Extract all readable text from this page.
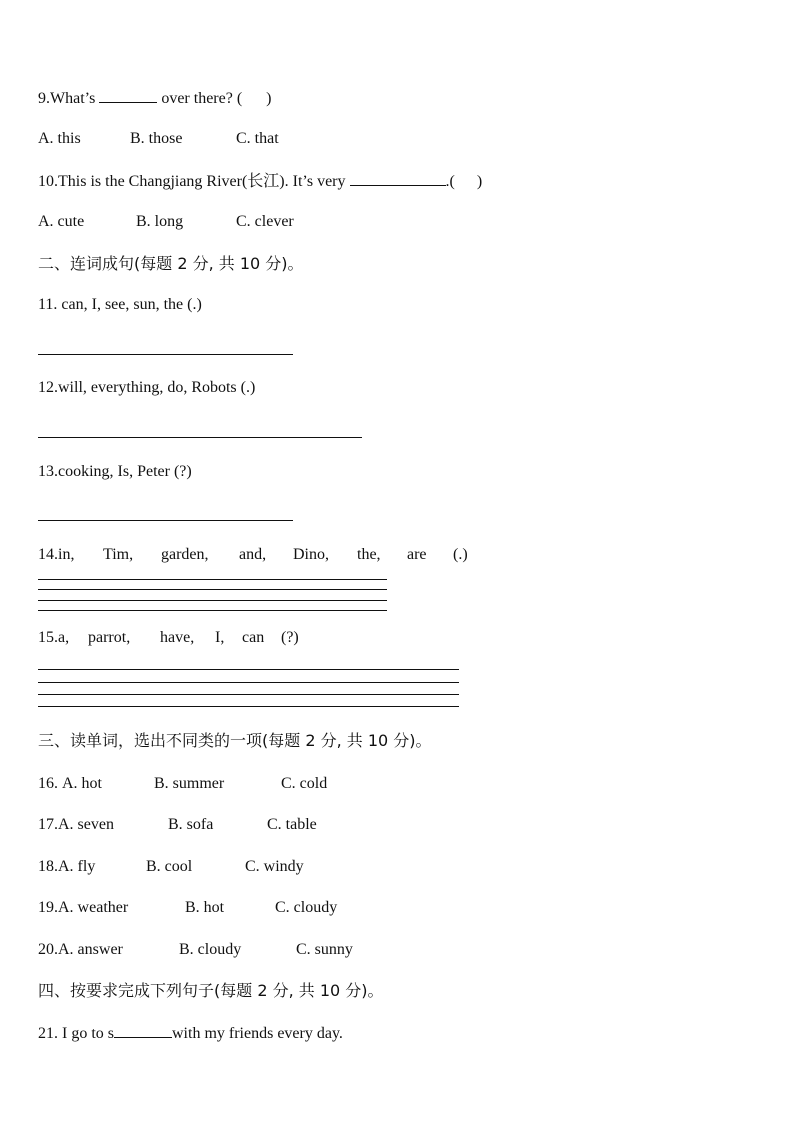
9.What’s	over there? ( )
A. this	B. those	C. that
10.This is the Changjiang River(长江). It’s very	.( )
A. cute	B. long	C. clever
二、连词成句(每题 2 分, 共 10 分)。
11. can, I, see, sun, the (.)
12.will, everything, do, Robots (.)
13.cooking, Is, Peter (?)
14.in, Tim, garden, and, Dino, the, are (.)
15.a, parrot, have, I, can (?)
三、读单词，选出不同类的一项(每题 2 分, 共 10 分)。
16. A. hot	B. summer	C. cold
17.A. seven	B. sofa	C. table
18.A. fly	B. cool	C. windy
19.A. weather	B. hot	C. cloudy
20.A. answer	B. cloudy	C. sunny
四、按要求完成下列句子(每题 2 分, 共 10 分)。
21. I go to s	with my friends every day.
